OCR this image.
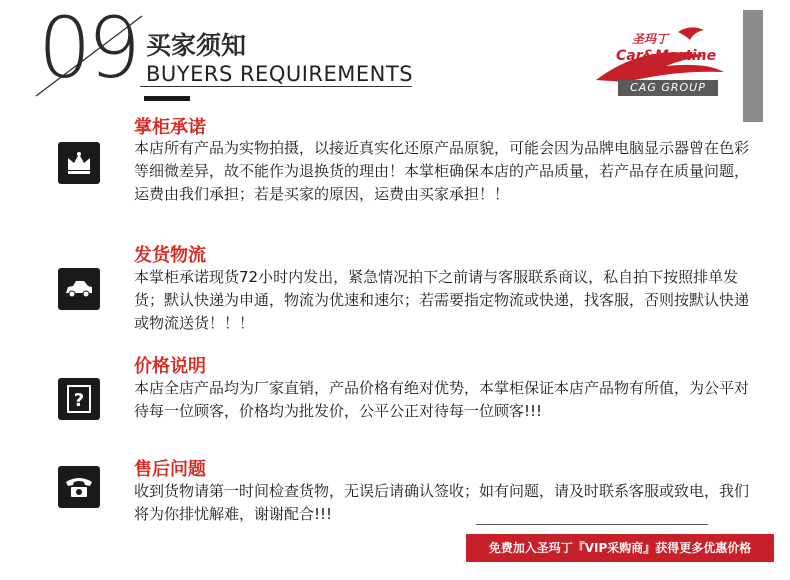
09 买家须知
BUYERS REQUIREMENTS
圣玛丁
Car&Martine
CAG GROUP
掌柜承诺
本店所有产品为实物拍摄，以接近真实化还原产品原貌，可能会因为品牌电脑显示器曾在色彩等细微差异，故不能作为退换货的理由！本掌柜确保本店的产品质量，若产品存在质量问题，运费由我们承担；若是买家的原因，运费由买家承担！！
发货物流
本掌柜承诺现货72小时内发出，紧急情况拍下之前请与客服联系商议，私自拍下按照排单发货；默认快递为申通，物流为优速和速尔；若需要指定物流或快递，找客服，否则按默认快递或物流送货！！！
?
价格说明
本店全店产品均为厂家直销，产品价格有绝对优势，本掌柜保证本店产品物有所值，为公平对待每一位顾客，价格均为批发价，公平公正对待每一位顾客!!!
售后问题
收到货物请第一时间检查货物，无误后请确认签收；如有问题，请及时联系客服或致电，我们将为你排忧解难，谢谢配合!!!
免费加入圣玛丁『VIP采购商』获得更多优惠价格
